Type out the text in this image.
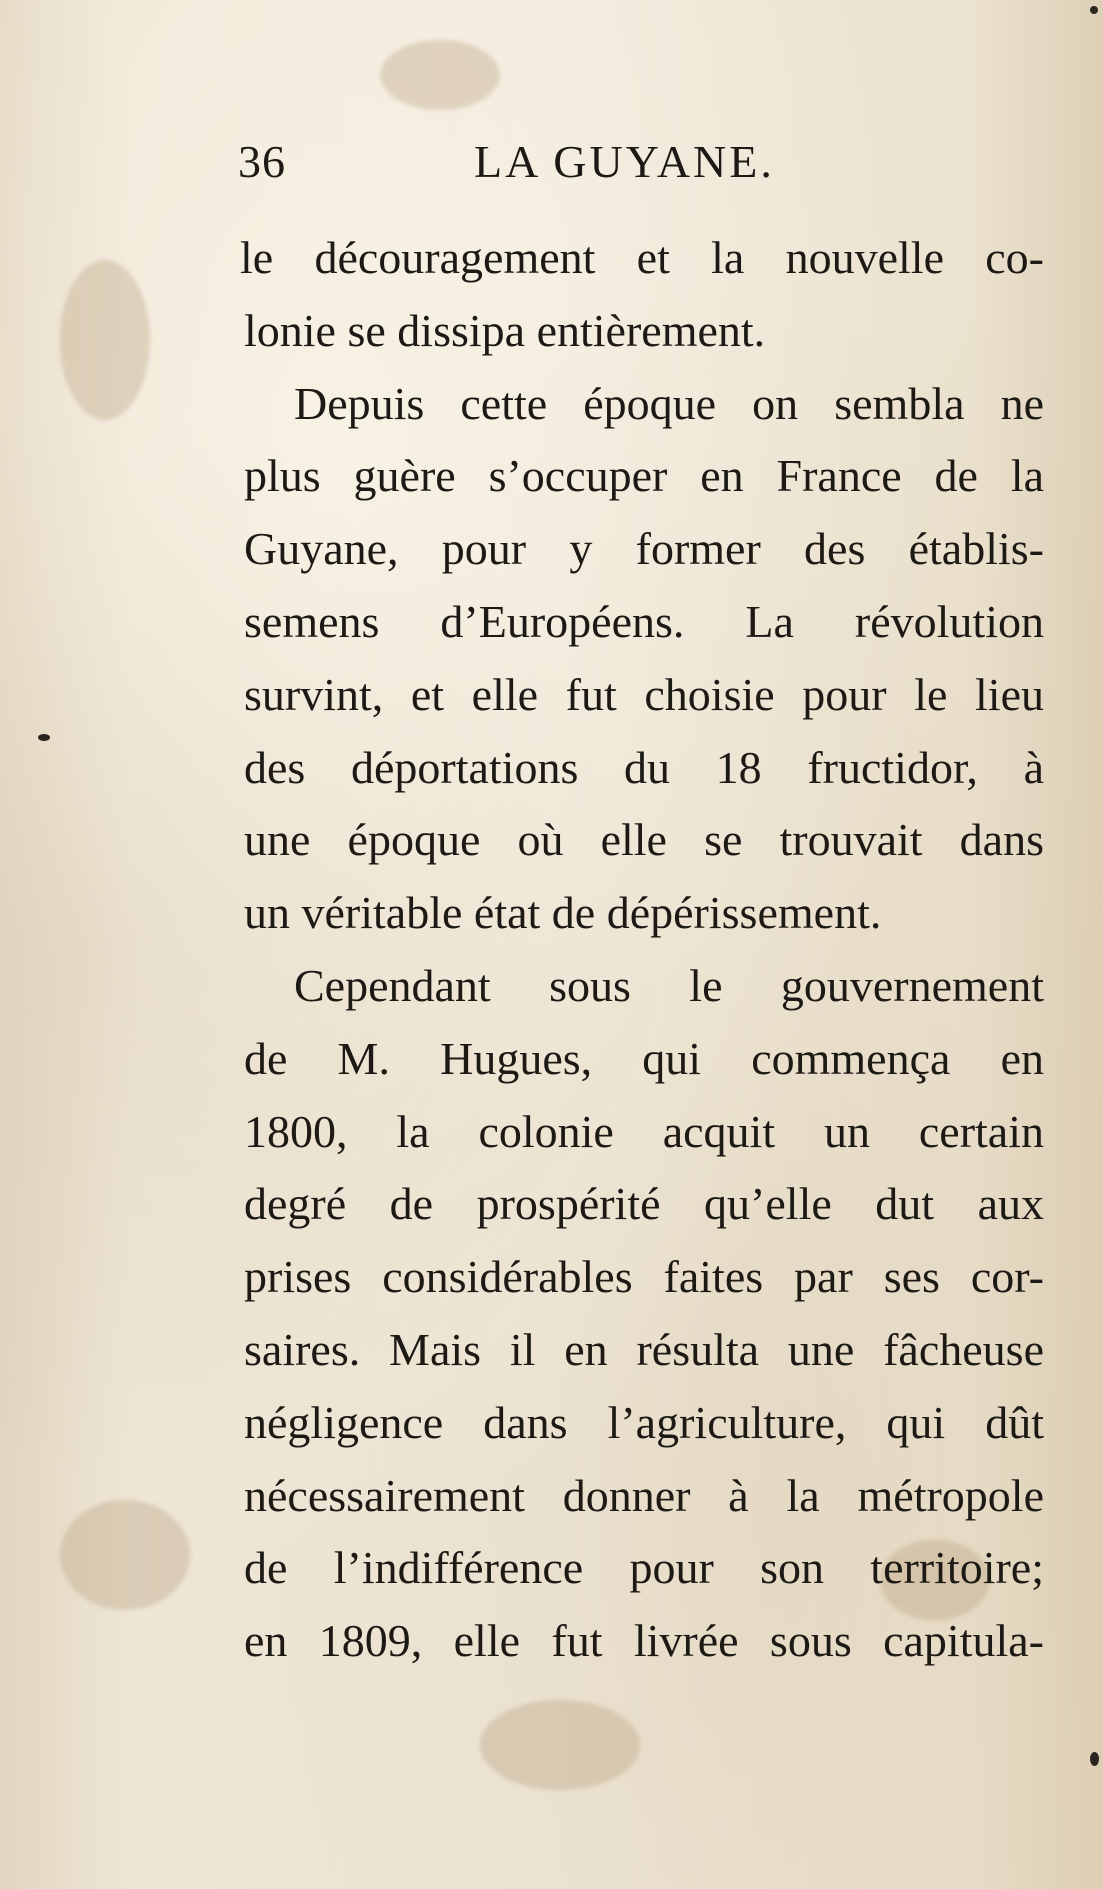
36	LA GUYANE.
le découragement et la nouvelle co-
lonie se dissipa entièrement.
Depuis cette époque on sembla ne
plus guère s’occuper en France de la
Guyane, pour y former des établis-
semens d’Européens. La révolution
survint, et elle fut choisie pour le lieu
des déportations du 18 fructidor, à
une époque où elle se trouvait dans
un véritable état de dépérissement.
Cependant sous le gouvernement
de M. Hugues, qui commença en
1800, la colonie acquit un certain
degré de prospérité qu’elle dut aux
prises considérables faites par ses cor-
saires. Mais il en résulta une fâcheuse
négligence dans l’agriculture, qui dût
nécessairement donner à la métropole
de l’indifférence pour son territoire;
en 1809, elle fut livrée sous capitula-
